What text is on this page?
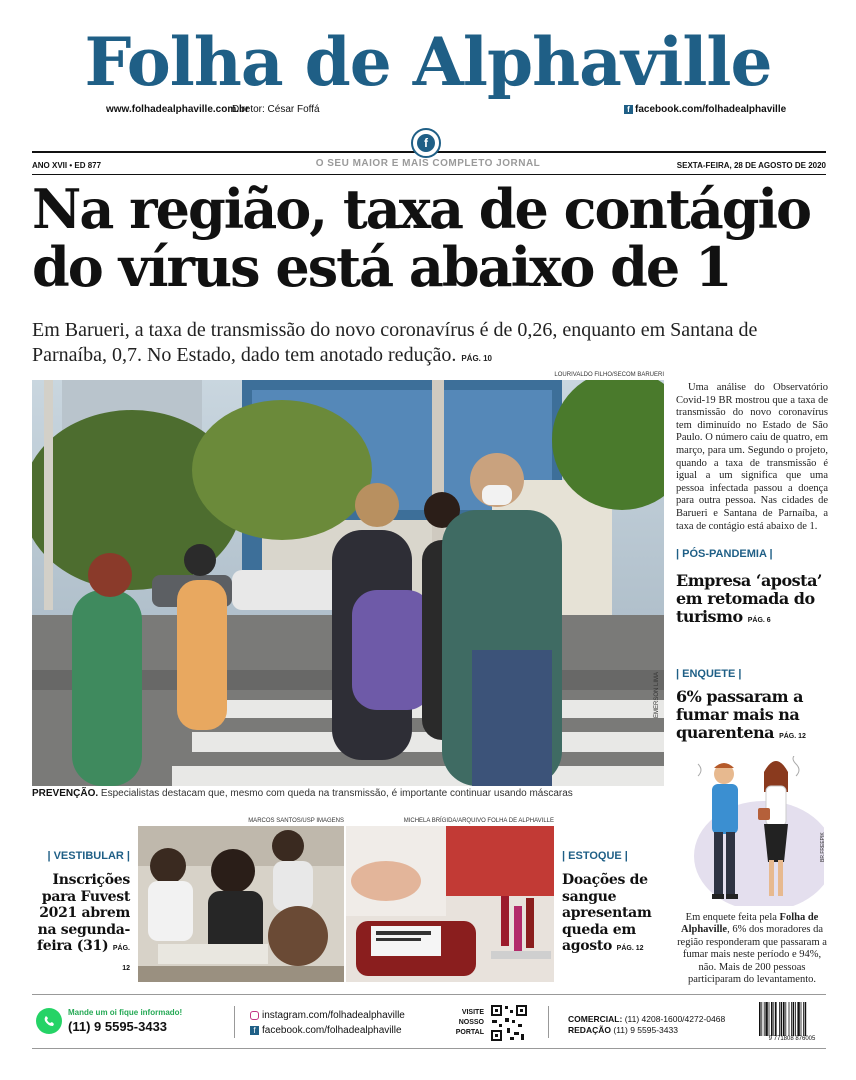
Folha de Alphaville
www.folhadealphaville.com.br
Diretor: César Foffá	f facebook.com/folhadealphaville
f
ANO XVII • ED 877	O SEU MAIOR E MAIS COMPLETO JORNAL	SEXTA-FEIRA, 28 DE AGOSTO DE 2020
Na região, taxa de contágio
do vírus está abaixo de 1
Em Barueri, a taxa de transmissão do novo coronavírus é de 0,26, enquanto em Santana de Parnaíba, 0,7. No Estado, dado tem anotado redução. PÁG. 10
LOURIVALDO FILHO/SECOM BARUERI
EMERSON LIMA
PREVENÇÃO. Especialistas destacam que, mesmo com queda na transmissão, é importante continuar usando máscaras
Uma análise do Observatório Covid-19 BR mostrou que a taxa de transmissão do novo coronavírus tem diminuído no Estado de São Paulo. O número caiu de quatro, em março, para um. Segundo o projeto, quando a taxa de transmissão é igual a um significa que uma pessoa infectada passou a doença para outra pessoa. Nas cidades de Barueri e Santana de Parnaíba, a taxa de contágio está abaixo de 1.
| PÓS-PANDEMIA |
Empresa ‘aposta’ em retomada do turismo PÁG. 6
| ENQUETE |
6% passaram a fumar mais na quarentena PÁG. 12
BR.FREEPIK
Em enquete feita pela Folha de Alphaville, 6% dos moradores da região responderam que passaram a fumar mais neste período e 94%, não. Mais de 200 pessoas participaram do levantamento.
MARCOS SANTOS/USP IMAGENS	MICHELA BRÍGIDA/ARQUIVO FOLHA DE ALPHAVILLE
| VESTIBULAR |
Inscrições para Fuvest 2021 abrem na segunda-feira (31) PÁG. 12
| ESTOQUE |
Doações de sangue apresentam queda em agosto PÁG. 12
Mande um oi fique informado!
(11) 9 5595-3433
instagram.com/folhadealphaville
f facebook.com/folhadealphaville
VISITE
NOSSO
PORTAL
COMERCIAL: (11) 4208-1600/4272-0468
REDAÇÃO (11) 9 5595-3433
9 771808 876005
